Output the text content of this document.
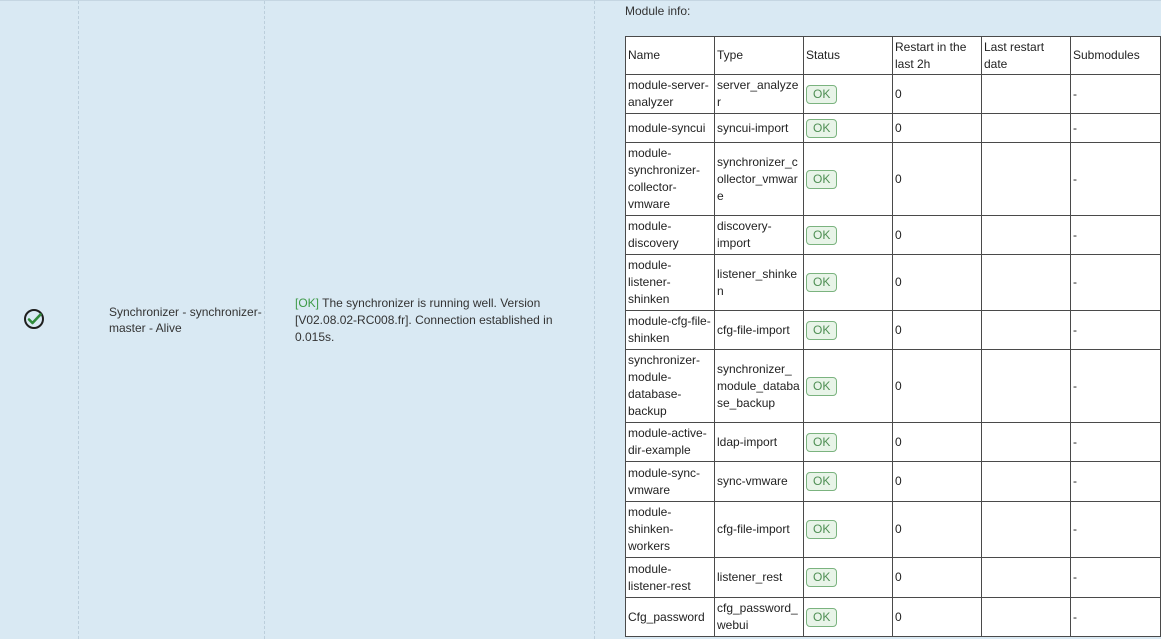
Synchronizer - synchronizer-master - Alive
[OK] The synchronizer is running well. Version [V02.08.02-RC008.fr]. Connection established in 0.015s.
Module info:
Name	Type	Status	Restart in the last 2h	Last restart date	Submodules
module-server-analyzer	server_analyzer	OK	0		-
module-syncui	syncui-import	OK	0		-
module-synchronizer-collector-vmware	synchronizer_collector_vmware	OK	0		-
module-discovery	discovery-import	OK	0		-
module-listener-shinken	listener_shinken	OK	0		-
module-cfg-file-shinken	cfg-file-import	OK	0		-
synchronizer-module-database-backup	synchronizer_module_database_backup	OK	0		-
module-active-dir-example	ldap-import	OK	0		-
module-sync-vmware	sync-vmware	OK	0		-
module-shinken-workers	cfg-file-import	OK	0		-
module-listener-rest	listener_rest	OK	0		-
Cfg_password	cfg_password_webui	OK	0		-
